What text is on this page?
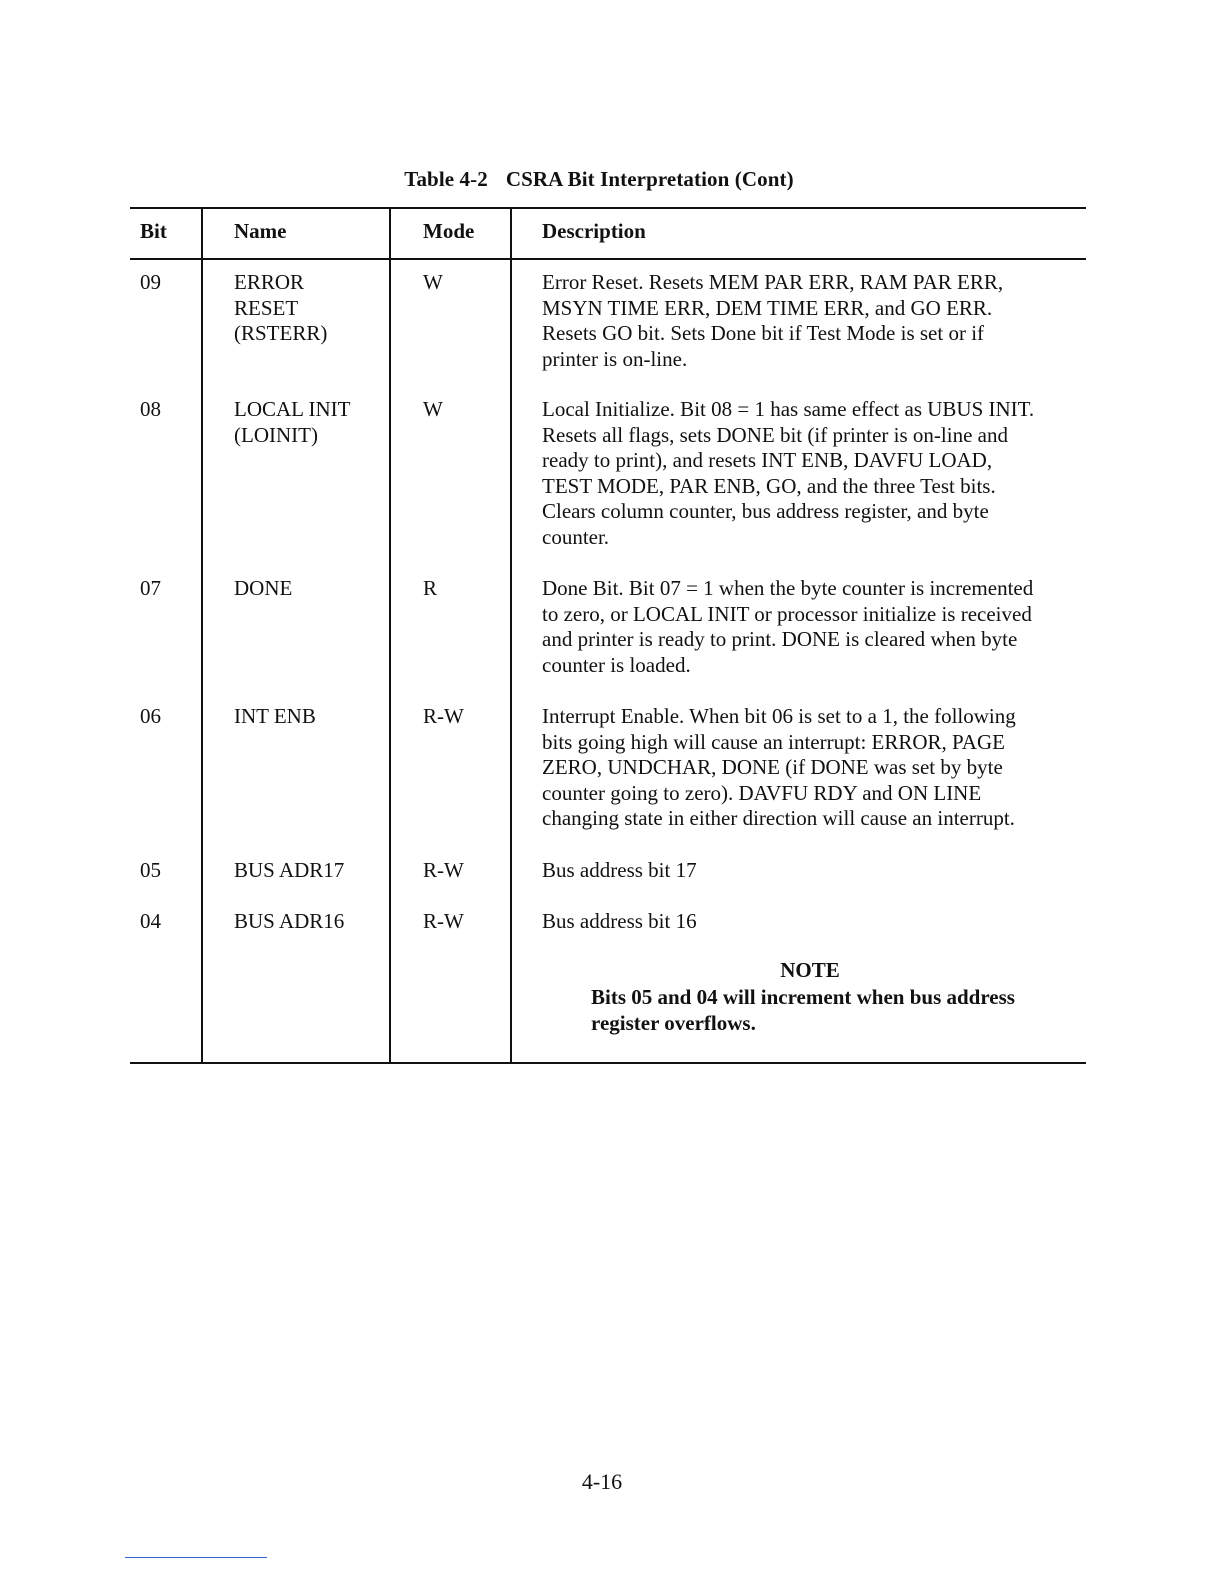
Table 4-2 CSRA Bit Interpretation (Cont)
Bit	Name	Mode	Description
09	ERROR
RESET
(RSTERR)
W	Error Reset. Resets MEM PAR ERR, RAM PAR ERR,
MSYN TIME ERR, DEM TIME ERR, and GO ERR.
Resets GO bit. Sets Done bit if Test Mode is set or if
printer is on-line.
08	LOCAL INIT
(LOINIT)
W	Local Initialize. Bit 08 = 1 has same effect as UBUS INIT.
Resets all flags, sets DONE bit (if printer is on-line and
ready to print), and resets INT ENB, DAVFU LOAD,
TEST MODE, PAR ENB, GO, and the three Test bits.
Clears column counter, bus address register, and byte
counter.
07	DONE	R	Done Bit. Bit 07 = 1 when the byte counter is incremented
to zero, or LOCAL INIT or processor initialize is received
and printer is ready to print. DONE is cleared when byte
counter is loaded.
06	INT ENB	R-W	Interrupt Enable. When bit 06 is set to a 1, the following
bits going high will cause an interrupt: ERROR, PAGE
ZERO, UNDCHAR, DONE (if DONE was set by byte
counter going to zero). DAVFU RDY and ON LINE
changing state in either direction will cause an interrupt.
05	BUS ADR17	R-W	Bus address bit 17
04	BUS ADR16	R-W	Bus address bit 16
NOTE
Bits 05 and 04 will increment when bus address
register overflows.
4-16
